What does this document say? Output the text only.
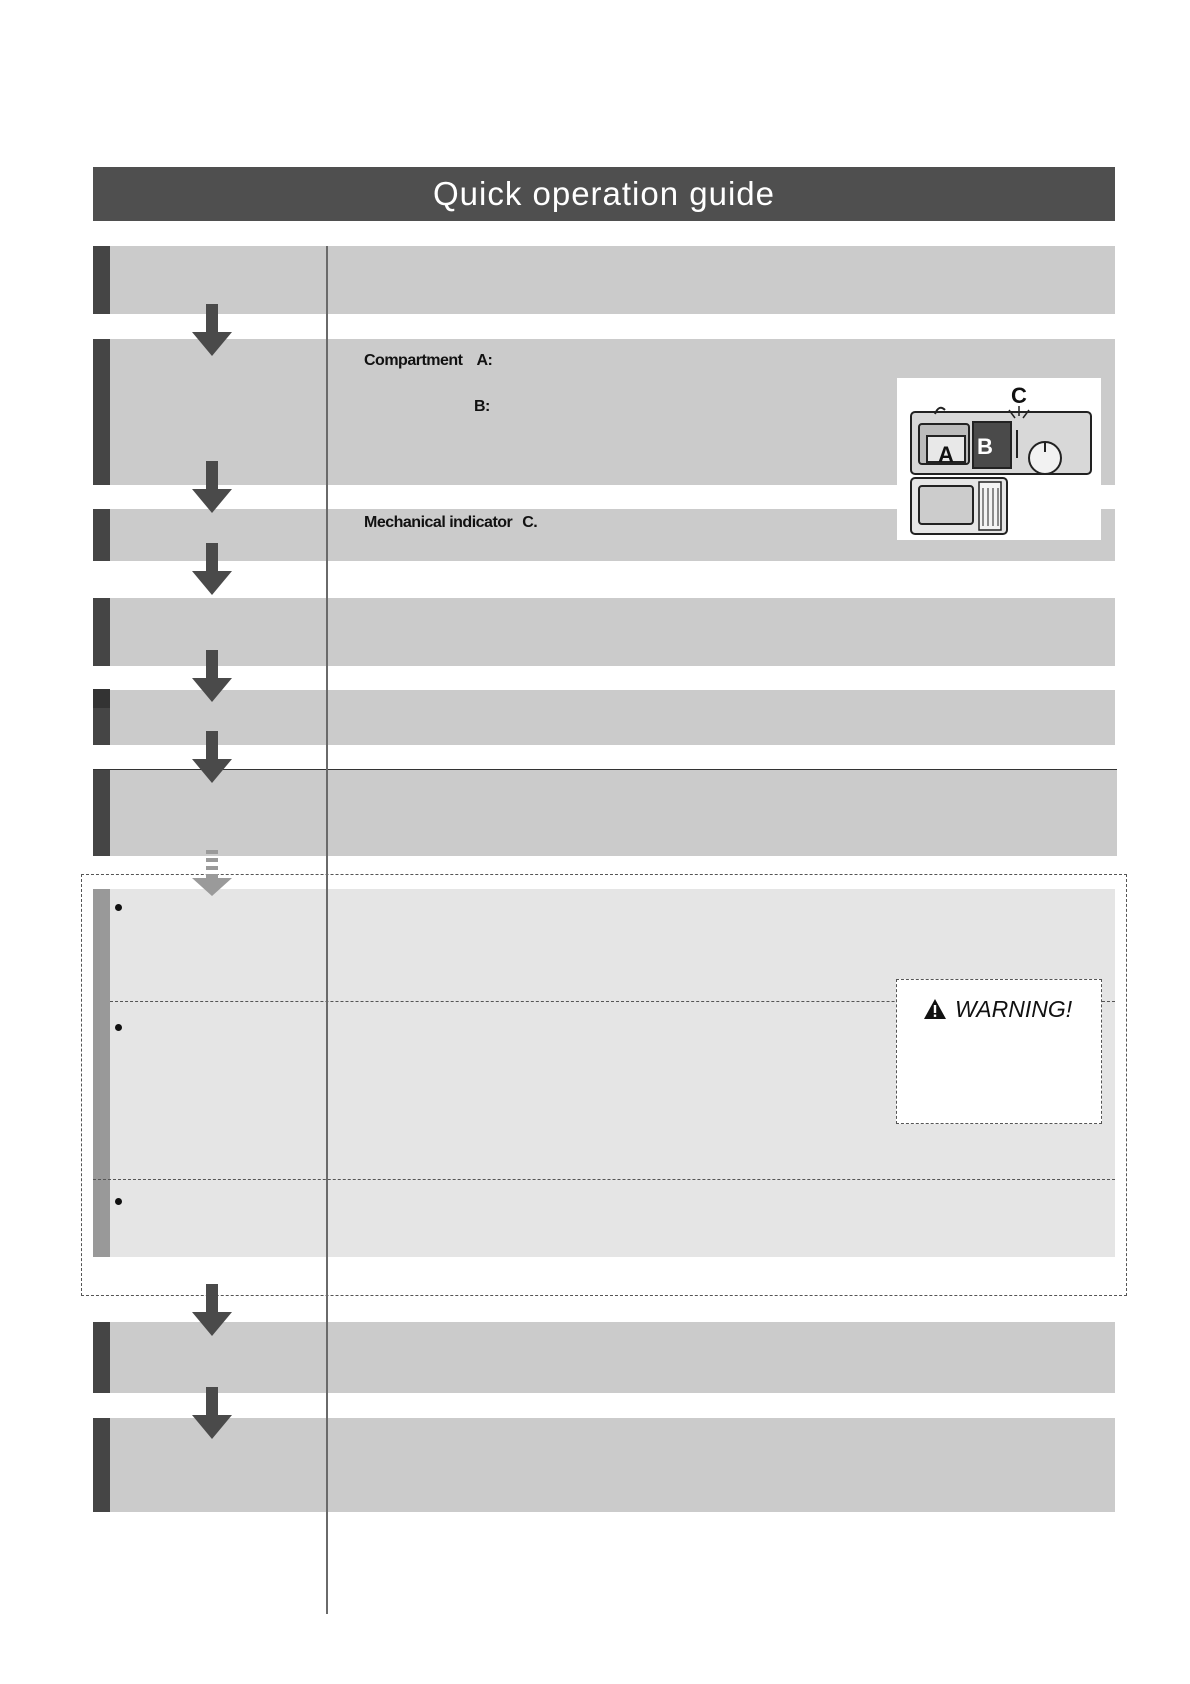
Quick operation guide
Compartment A:
B:
Mechanical indicator C.
A B
C
WARNING!
